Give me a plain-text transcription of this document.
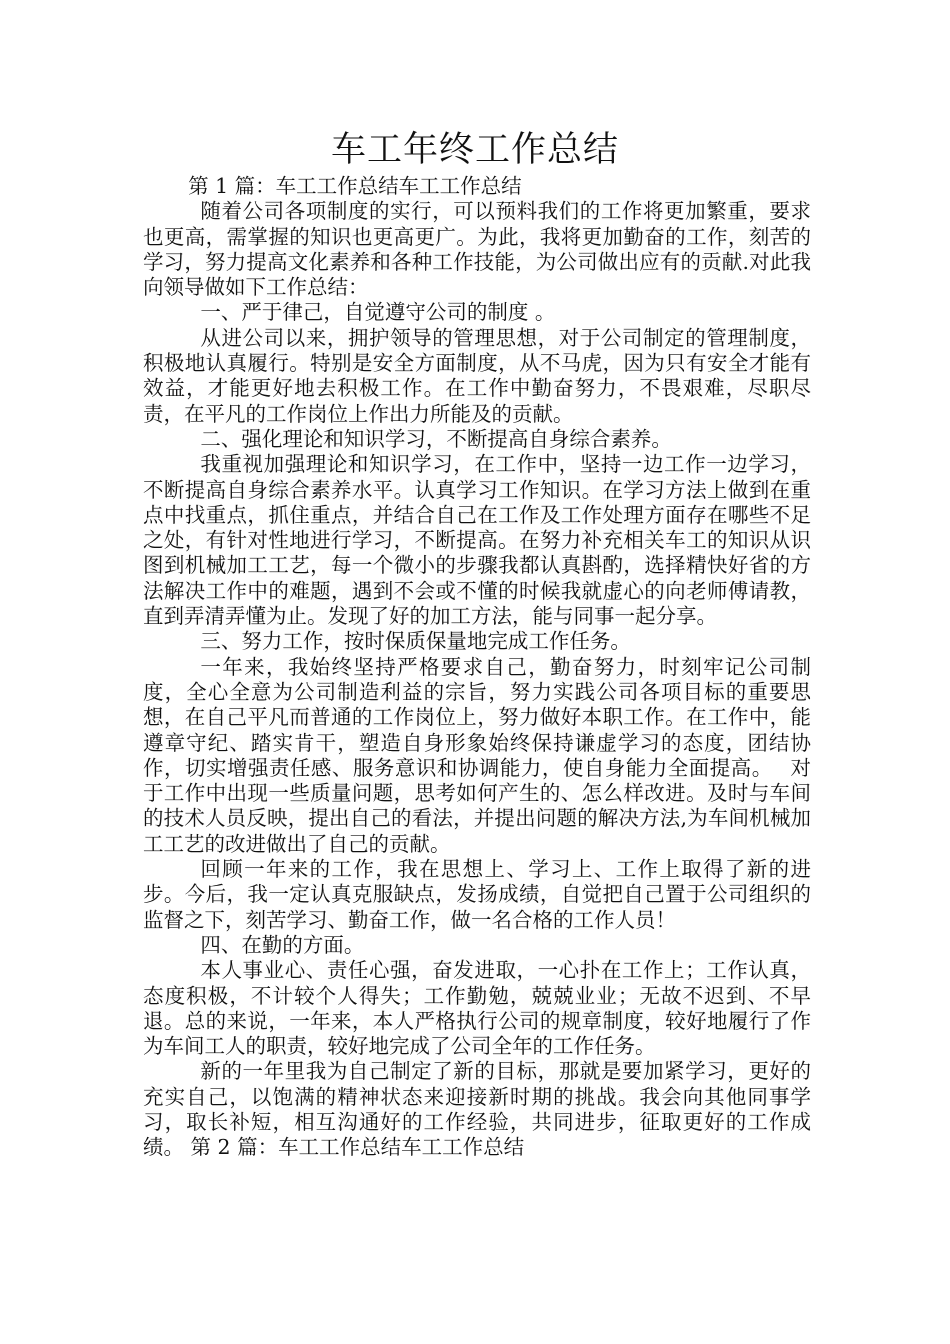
车工年终工作总结

第 1 篇：车工工作总结车工工作总结

随着公司各项制度的实行，可以预料我们的工作将更加繁重，要求也更高，需掌握的知识也更高更广。为此，我将更加勤奋的工作，刻苦的学习，努力提高文化素养和各种工作技能，为公司做出应有的贡献.对此我向领导做如下工作总结：

一、严于律己，自觉遵守公司的制度 。

从进公司以来，拥护领导的管理思想，对于公司制定的管理制度，积极地认真履行。特别是安全方面制度，从不马虎，因为只有安全才能有效益，才能更好地去积极工作。在工作中勤奋努力，不畏艰难，尽职尽责，在平凡的工作岗位上作出力所能及的贡献。

二、强化理论和知识学习，不断提高自身综合素养。

我重视加强理论和知识学习，在工作中，坚持一边工作一边学习，不断提高自身综合素养水平。认真学习工作知识。在学习方法上做到在重点中找重点，抓住重点，并结合自己在工作及工作处理方面存在哪些不足之处，有针对性地进行学习，不断提高。在努力补充相关车工的知识从识图到机械加工工艺，每一个微小的步骤我都认真斟酌，选择精快好省的方法解决工作中的难题，遇到不会或不懂的时候我就虚心的向老师傅请教，直到弄清弄懂为止。发现了好的加工方法，能与同事一起分享。

三、努力工作，按时保质保量地完成工作任务。

一年来，我始终坚持严格要求自己，勤奋努力，时刻牢记公司制度，全心全意为公司制造利益的宗旨，努力实践公司各项目标的重要思想，在自己平凡而普通的工作岗位上，努力做好本职工作。在工作中，能遵章守纪、踏实肯干，塑造自身形象始终保持谦虚学习的态度，团结协作，切实增强责任感、服务意识和协调能力，使自身能力全面提高。　 对于工作中出现一些质量问题，思考如何产生的、怎么样改进。及时与车间的技术人员反映，提出自己的看法，并提出问题的解决方法,为车间机械加工工艺的改进做出了自己的贡献。

回顾一年来的工作，我在思想上、学习上、工作上取得了新的进步。今后，我一定认真克服缺点，发扬成绩，自觉把自己置于公司组织的监督之下，刻苦学习、勤奋工作，做一名合格的工作人员！

四、在勤的方面。

本人事业心、责任心强，奋发进取，一心扑在工作上；工作认真，态度积极，不计较个人得失；工作勤勉，兢兢业业；无故不迟到、不早退。总的来说，一年来，本人严格执行公司的规章制度，较好地履行了作为车间工人的职责，较好地完成了公司全年的工作任务。

新的一年里我为自己制定了新的目标，那就是要加紧学习，更好的充实自己，以饱满的精神状态来迎接新时期的挑战。我会向其他同事学习，取长补短，相互沟通好的工作经验，共同进步，征取更好的工作成绩。 第 2 篇：车工工作总结车工工作总结
